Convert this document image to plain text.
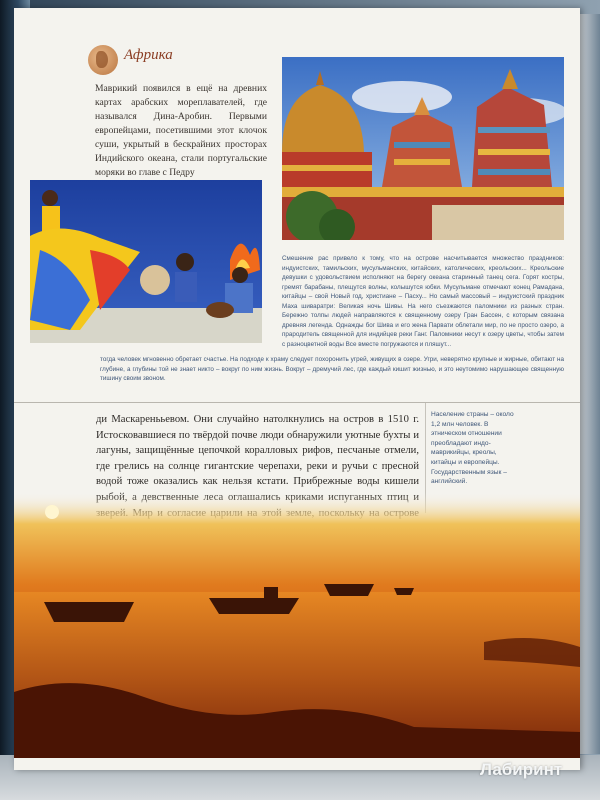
Африка

Маврикий появился в ещё на древних картах арабских мореплавателей, где назывался Дина-Аробин. Первыми европейцами, посетившими этот клочок суши, укрытый в бескрайних просторах Индийского океана, стали португальские моряки во главе с Педру

Смешение рас привело к тому, что на острове насчитывается множество праздников: индуистских, тамильских, мусульманских, китайских, католических, креольских... Креольские девушки с удовольствием исполняют на берегу океана старинный танец сега. Горят костры, гремят барабаны, плещутся волны, колышутся юбки. Мусульмане отмечают конец Рамадана, китайцы – свой Новый год, христиане – Пасху... Но самый массовый – индуистский праздник Маха шиваратри: Великая ночь Шивы. На него съезжаются паломники из разных стран. Бережно толпы людей направляются к священному озеру Гран Бассен, с которым связана древняя легенда. Однажды бог Шива и его жена Парвати облетали мир, по не просто озеро, а прародитель священной для индийцев реки Ганг. Паломники несут к озеру цветы, чтобы затем с разноцветной воды Все вместе погружаются и пляшут...

тогда человек мгновенно обретает счастье. На подходе к храму следует похоронить угрей, живущих в озере. Угри, неверятно крупные и жирные, обитают на глубине, а глубины той не знает никто – вокруг по ним жизнь. Вокруг – дремучий лес, где каждый кишит жизнью, и это неутомимо нарушающее священную тишину своим звоном.

ди Маскаренььевом. Они случайно натолкнулись на остров в 1510 г. Истосковавшиеся по твёрдой почве люди обнаружили уютные бухты и лагуны, защищённые цепочкой коралловых рифов, песчаные отмели, где грелись на солнце гигантские черепахи, реки и ручьи с пресной водой тоже оказались как нельзя кстати. Прибрежные воды кишели

Население страны – около 1,2 млн человек. В этническом отношении преобладают индо-маврикийцы, креолы, китайцы и европейцы. Государственным язык – английский.

Лабиринт
